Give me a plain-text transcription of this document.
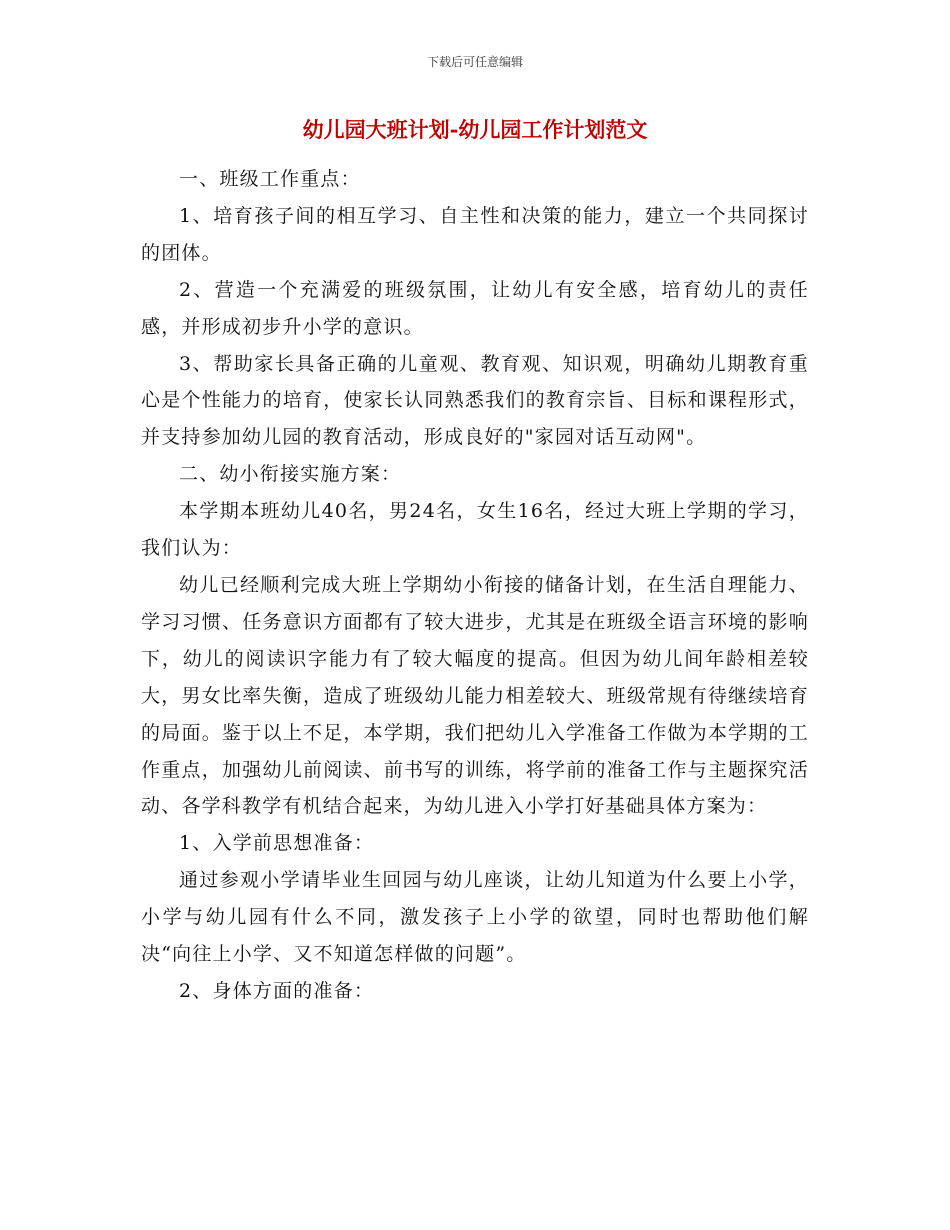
下载后可任意编辑
幼儿园大班计划-幼儿园工作计划范文

一、班级工作重点：

1、培育孩子间的相互学习、自主性和决策的能力，建立一个共同探讨的团体。

2、营造一个充满爱的班级氛围，让幼儿有安全感，培育幼儿的责任感，并形成初步升小学的意识。

3、帮助家长具备正确的儿童观、教育观、知识观，明确幼儿期教育重心是个性能力的培育，使家长认同熟悉我们的教育宗旨、目标和课程形式，并支持参加幼儿园的教育活动，形成良好的"家园对话互动网"。

二、幼小衔接实施方案：

本学期本班幼儿40名，男24名，女生16名，经过大班上学期的学习，我们认为：

幼儿已经顺利完成大班上学期幼小衔接的储备计划，在生活自理能力、学习习惯、任务意识方面都有了较大进步，尤其是在班级全语言环境的影响下，幼儿的阅读识字能力有了较大幅度的提高。但因为幼儿间年龄相差较大，男女比率失衡，造成了班级幼儿能力相差较大、班级常规有待继续培育的局面。鉴于以上不足，本学期，我们把幼儿入学准备工作做为本学期的工作重点，加强幼儿前阅读、前书写的训练，将学前的准备工作与主题探究活动、各学科教学有机结合起来，为幼儿进入小学打好基础具体方案为：

1、入学前思想准备：

通过参观小学请毕业生回园与幼儿座谈，让幼儿知道为什么要上小学，小学与幼儿园有什么不同，激发孩子上小学的欲望，同时也帮助他们解决“向往上小学、又不知道怎样做的问题”。

2、身体方面的准备：
